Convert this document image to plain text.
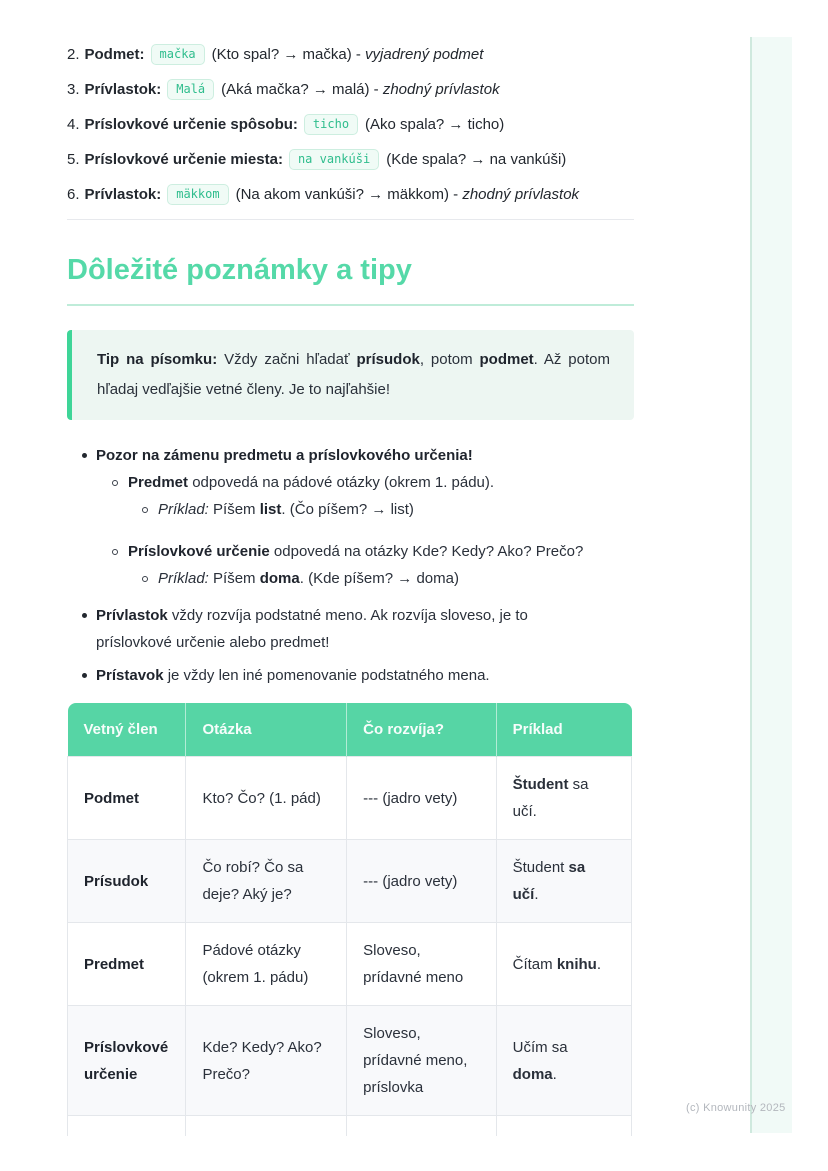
2. Podmet: mačka (Kto spal? → mačka) - vyjadrený podmet
3. Prívlastok: Malá (Aká mačka? → malá) - zhodný prívlastok
4. Príslovkové určenie spôsobu: ticho (Ako spala? → ticho)
5. Príslovkové určenie miesta: na vankúši (Kde spala? → na vankúši)
6. Prívlastok: mäkkom (Na akom vankúši? → mäkkom) - zhodný prívlastok
Dôležité poznámky a tipy
Tip na písomku: Vždy začni hľadať prísudok, potom podmet. Až potom hľadaj vedľajšie vetné členy. Je to najľahšie!
Pozor na zámenu predmetu a príslovkového určenia!
Predmet odpovedá na pádové otázky (okrem 1. pádu).
Príklad: Píšem list. (Čo píšem? → list)
Príslovkové určenie odpovedá na otázky Kde? Kedy? Ako? Prečo?
Príklad: Píšem doma. (Kde píšem? → doma)
Prívlastok vždy rozvíja podstatné meno. Ak rozvíja sloveso, je to príslovkové určenie alebo predmet!
Prístavok je vždy len iné pomenovanie podstatného mena.
Vetný člen	Otázka	Čo rozvíja?	Príklad
Podmet	Kto? Čo? (1. pád)	--- (jadro vety)	Študent sa učí.
Prísudok	Čo robí? Čo sa deje? Aký je?	--- (jadro vety)	Študent sa učí.
Predmet	Pádové otázky (okrem 1. pádu)	Sloveso, prídavné meno	Čítam knihu.
Príslovkové určenie	Kde? Kedy? Ako? Prečo?	Sloveso, prídavné meno, príslovka	Učím sa doma.

(c) Knowunity 2025
